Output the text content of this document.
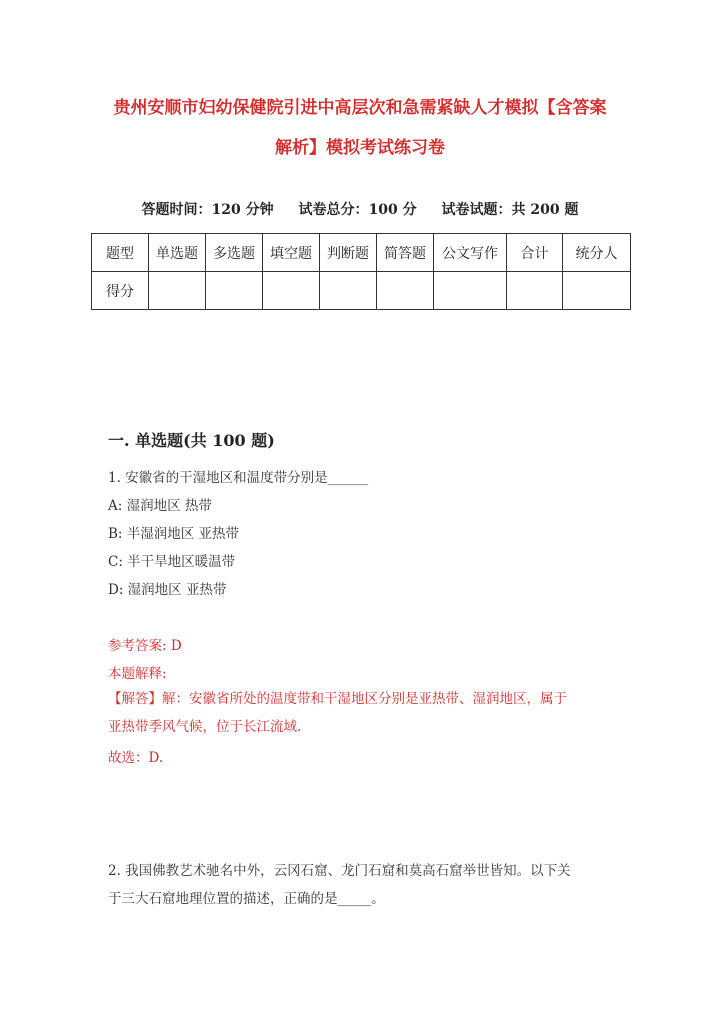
贵州安顺市妇幼保健院引进中高层次和急需紧缺人才模拟【含答案
解析】模拟考试练习卷
答题时间：120 分钟 试卷总分：100 分 试卷试题：共 200 题
题型	单选题	多选题	填空题	判断题	简答题	公文写作	合计	统分人
得分								
一. 单选题(共 100 题)
1. 安徽省的干湿地区和温度带分别是______
A: 湿润地区 热带
B: 半湿润地区 亚热带
C: 半干旱地区暖温带
D: 湿润地区 亚热带
参考答案: D
本题解释:
【解答】解：安徽省所处的温度带和干湿地区分别是亚热带、湿润地区，属于
亚热带季风气候，位于长江流域.
故选：D.
2. 我国佛教艺术驰名中外，云冈石窟、龙门石窟和莫高石窟举世皆知。以下关
于三大石窟地理位置的描述，正确的是_____。
